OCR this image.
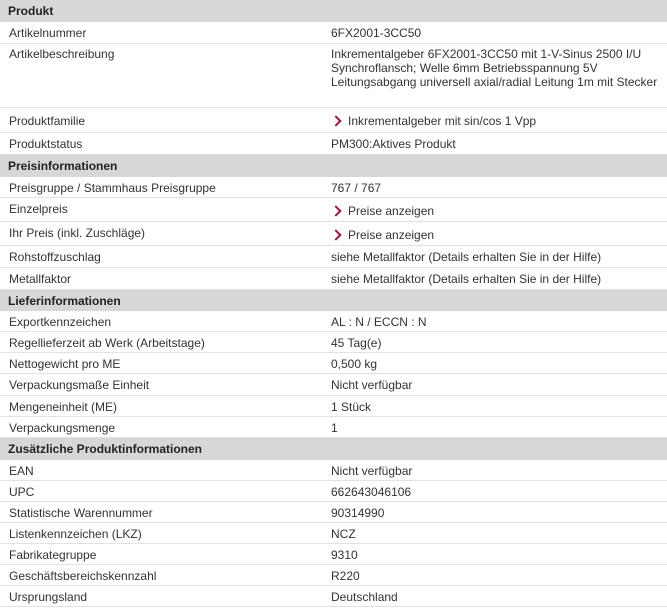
Produkt
Artikelnummer	6FX2001-3CC50
Artikelbeschreibung	Inkrementalgeber 6FX2001-3CC50 mit 1-V-Sinus 2500 I/U Synchroflansch; Welle 6mm Betriebsspannung 5V Leitungsabgang universell axial/radial Leitung 1m mit Stecker
Produktfamilie	Inkrementalgeber mit sin/cos 1 Vpp
Produktstatus	PM300:Aktives Produkt
Preisinformationen
Preisgruppe / Stammhaus Preisgruppe	767 / 767
Einzelpreis	Preise anzeigen
Ihr Preis (inkl. Zuschläge)	Preise anzeigen
Rohstoffzuschlag	siehe Metallfaktor (Details erhalten Sie in der Hilfe)
Metallfaktor	siehe Metallfaktor (Details erhalten Sie in der Hilfe)
Lieferinformationen
Exportkennzeichen	AL : N / ECCN : N
Regellieferzeit ab Werk (Arbeitstage)	45 Tag(e)
Nettogewicht pro ME	0,500 kg
Verpackungsmaße Einheit	Nicht verfügbar
Mengeneinheit (ME)	1 Stück
Verpackungsmenge	1
Zusätzliche Produktinformationen
EAN	Nicht verfügbar
UPC	662643046106
Statistische Warennummer	90314990
Listenkennzeichen (LKZ)	NCZ
Fabrikategruppe	9310
Geschäftsbereichskennzahl	R220
Ursprungsland	Deutschland
